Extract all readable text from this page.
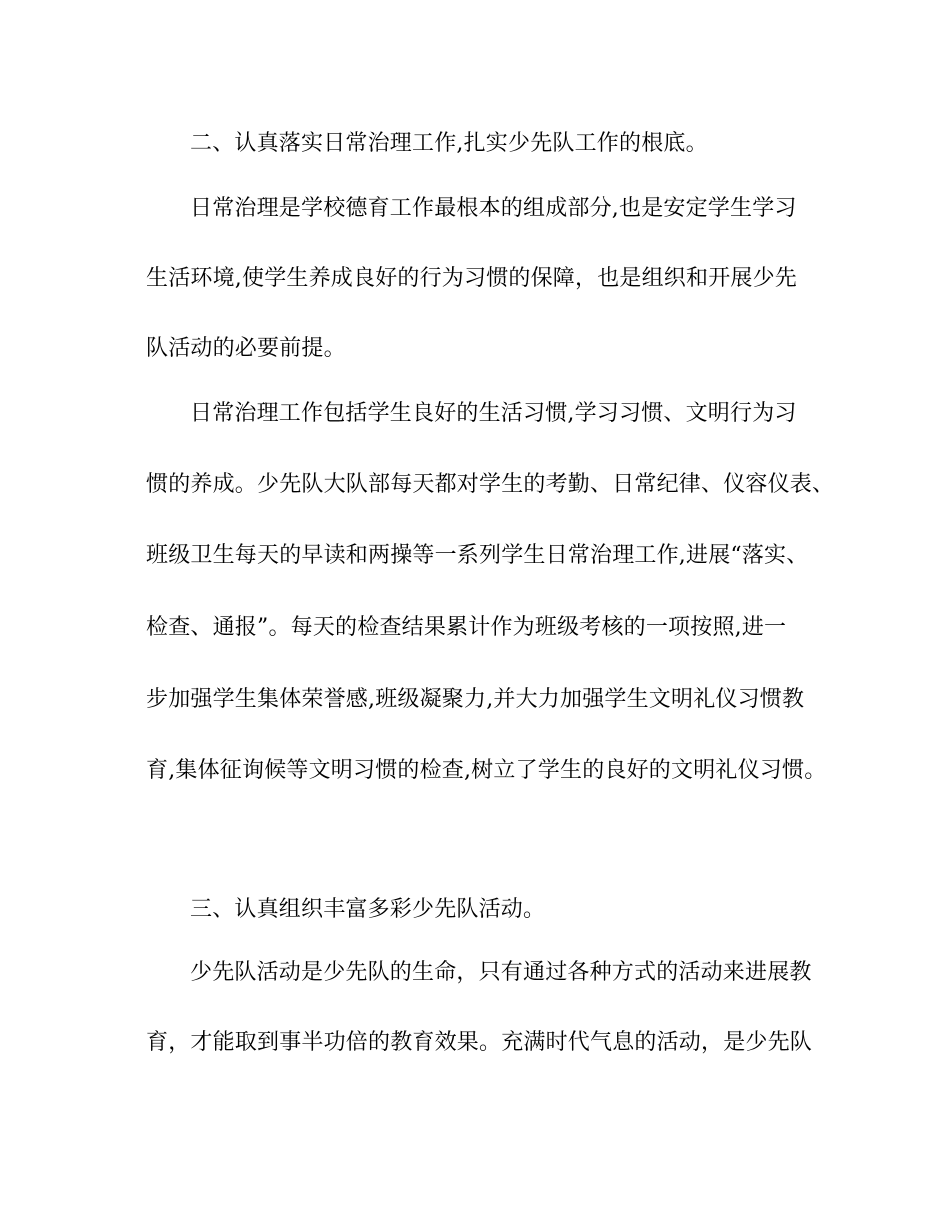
二、认真落实日常治理工作,扎实少先队工作的根底。
日常治理是学校德育工作最根本的组成部分,也是安定学生学习
生活环境,使学生养成良好的行为习惯的保障，也是组织和开展少先
队活动的必要前提。
日常治理工作包括学生良好的生活习惯,学习习惯、文明行为习
惯的养成。少先队大队部每天都对学生的考勤、日常纪律、仪容仪表、
班级卫生每天的早读和两操等一系列学生日常治理工作,进展“落实、
检查、通报”。每天的检查结果累计作为班级考核的一项按照,进一
步加强学生集体荣誉感,班级凝聚力,并大力加强学生文明礼仪习惯教
育,集体征询候等文明习惯的检查,树立了学生的良好的文明礼仪习惯。
三、认真组织丰富多彩少先队活动。
少先队活动是少先队的生命，只有通过各种方式的活动来进展教
育，才能取到事半功倍的教育效果。充满时代气息的活动，是少先队
